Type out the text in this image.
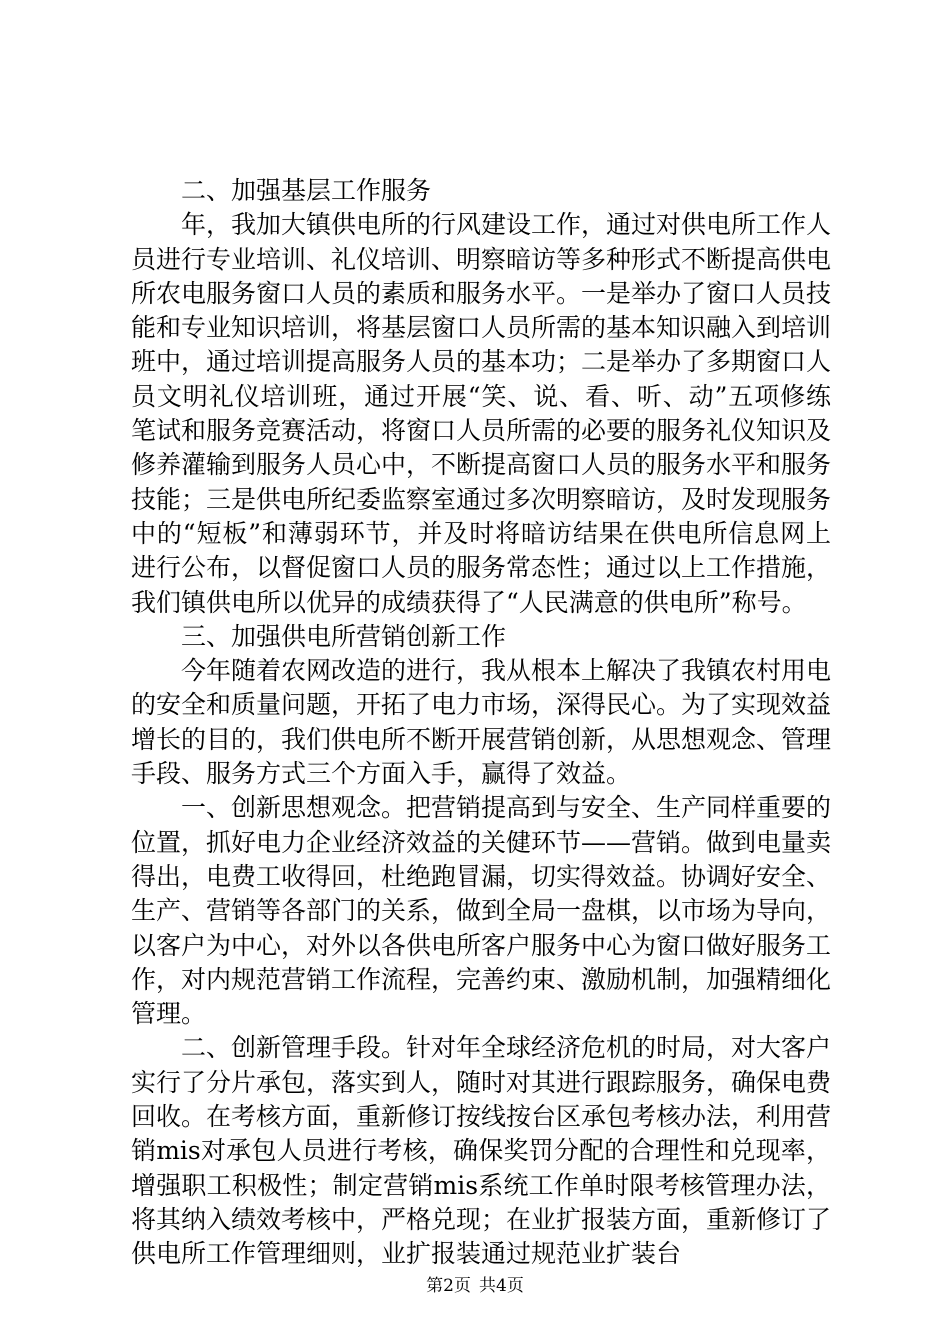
二、加强基层工作服务

年，我加大镇供电所的行风建设工作，通过对供电所工作人员进行专业培训、礼仪培训、明察暗访等多种形式不断提高供电所农电服务窗口人员的素质和服务水平。一是举办了窗口人员技能和专业知识培训，将基层窗口人员所需的基本知识融入到培训班中，通过培训提高服务人员的基本功；二是举办了多期窗口人员文明礼仪培训班，通过开展“笑、说、看、听、动”五项修练笔试和服务竞赛活动，将窗口人员所需的必要的服务礼仪知识及修养灌输到服务人员心中，不断提高窗口人员的服务水平和服务技能；三是供电所纪委监察室通过多次明察暗访，及时发现服务中的“短板”和薄弱环节，并及时将暗访结果在供电所信息网上进行公布，以督促窗口人员的服务常态性；通过以上工作措施，我们镇供电所以优异的成绩获得了“人民满意的供电所”称号。

三、加强供电所营销创新工作

今年随着农网改造的进行，我从根本上解决了我镇农村用电的安全和质量问题，开拓了电力市场，深得民心。为了实现效益增长的目的，我们供电所不断开展营销创新，从思想观念、管理手段、服务方式三个方面入手，赢得了效益。

一、创新思想观念。把营销提高到与安全、生产同样重要的位置，抓好电力企业经济效益的关健环节——营销。做到电量卖得出，电费工收得回，杜绝跑冒漏，切实得效益。协调好安全、生产、营销等各部门的关系，做到全局一盘棋，以市场为导向，以客户为中心，对外以各供电所客户服务中心为窗口做好服务工作，对内规范营销工作流程，完善约束、激励机制，加强精细化管理。

二、创新管理手段。针对年全球经济危机的时局，对大客户实行了分片承包，落实到人，随时对其进行跟踪服务，确保电费回收。在考核方面，重新修订按线按台区承包考核办法，利用营销mis对承包人员进行考核，确保奖罚分配的合理性和兑现率，增强职工积极性；制定营销mis系统工作单时限考核管理办法，将其纳入绩效考核中，严格兑现；在业扩报装方面，重新修订了供电所工作管理细则，业扩报装通过规范业扩装台

第2页 共4页
